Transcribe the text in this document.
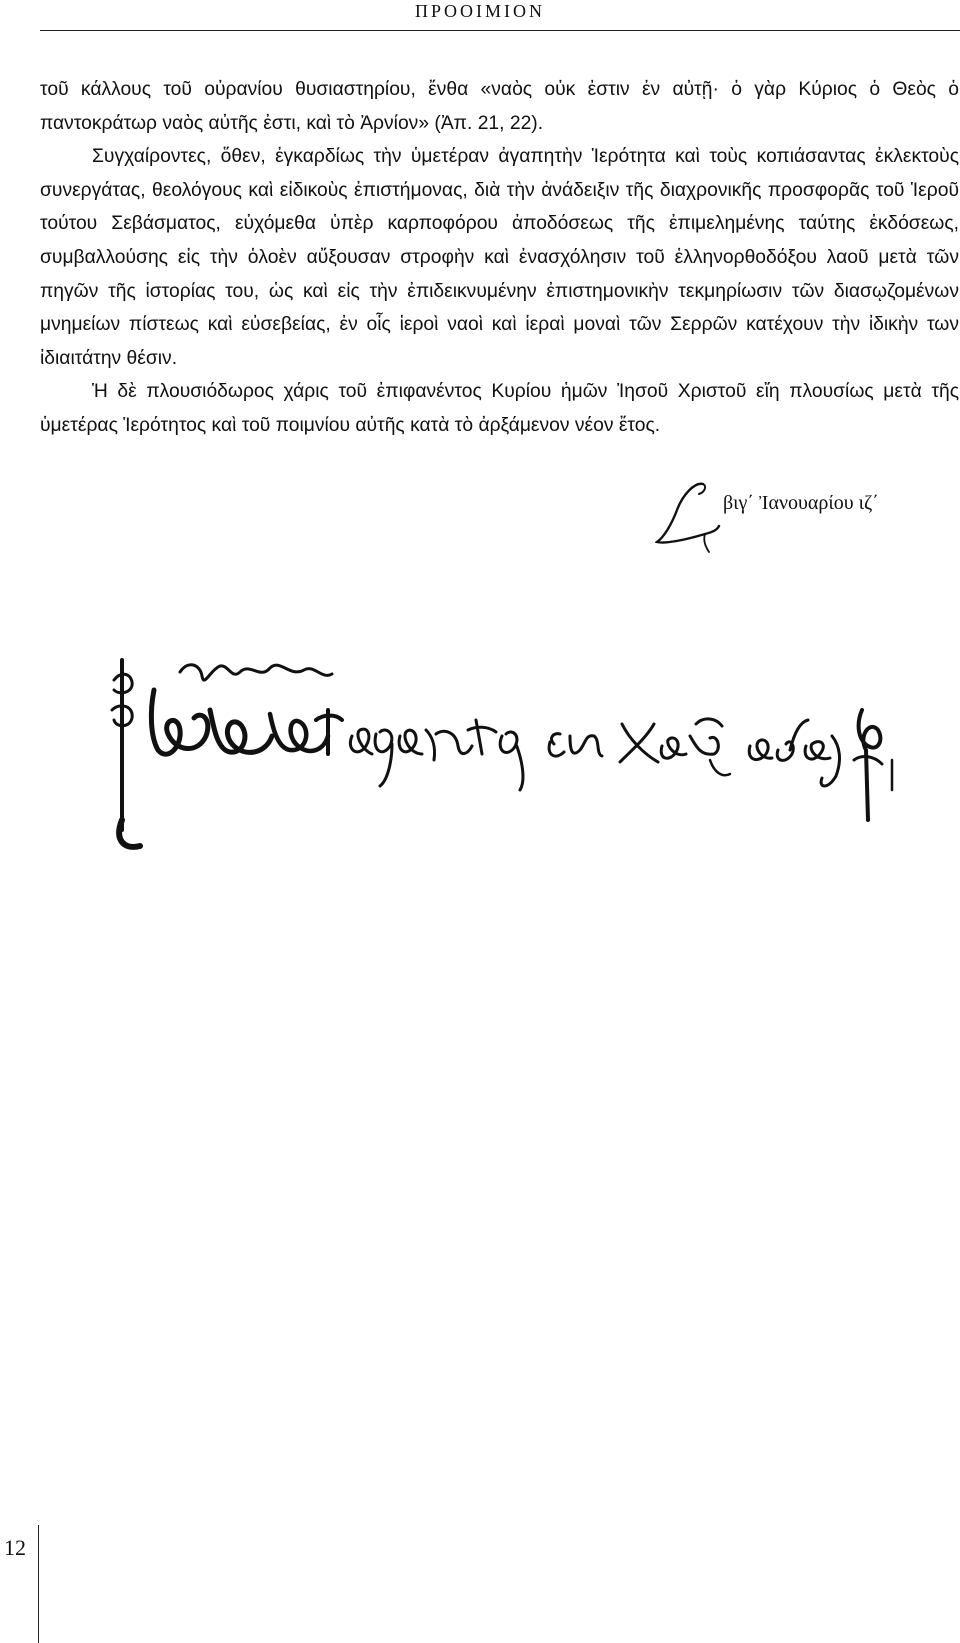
ΠΡΟΟΙΜΙΟΝ

τοῦ κάλλους τοῦ οὐρανίου θυσιαστηρίου, ἔνθα «ναὸς οὐκ ἐστιν ἐν αὐτῇ· ὁ γὰρ Κύριος ὁ Θεὸς ὁ παντοκράτωρ ναὸς αὐτῆς ἐστι, καὶ τὸ Ἀρνίον» (Ἀπ. 21, 22).

Συγχαίροντες, ὅθεν, ἐγκαρδίως τὴν ὑμετέραν ἀγαπητὴν Ἱερότητα καὶ τοὺς κοπιάσαντας ἐκλεκτοὺς συνεργάτας, θεολόγους καὶ εἰδικοὺς ἐπιστήμονας, διὰ τὴν ἀνάδειξιν τῆς διαχρονικῆς προσφορᾶς τοῦ Ἱεροῦ τούτου Σεβάσματος, εὐχόμεθα ὑπὲρ καρποφόρου ἀποδόσεως τῆς ἐπιμελημένης ταύτης ἐκδόσεως, συμβαλλούσης εἰς τὴν ὁλοὲν αὔξουσαν στροφὴν καὶ ἐνασχόλησιν τοῦ ἑλληνορθοδόξου λαοῦ μετὰ τῶν πηγῶν τῆς ἱστορίας του, ὡς καὶ εἰς τὴν ἐπιδεικνυμένην ἐπιστημονικὴν τεκμηρίωσιν τῶν διασῳζομένων μνημείων πίστεως καὶ εὐσεβείας, ἐν οἷς ἱεροὶ ναοὶ καὶ ἱεραὶ μοναὶ τῶν Σερρῶν κατέχουν τὴν ἰδικὴν των ἰδιαιτάτην θέσιν.

Ἡ δὲ πλουσιόδωρος χάρις τοῦ ἐπιφανέντος Κυρίου ἡμῶν Ἰησοῦ Χριστοῦ εἴη πλουσίως μετὰ τῆς ὑμετέρας Ἱερότητος καὶ τοῦ ποιμνίου αὐτῆς κατὰ τὸ ἀρξάμενον νέον ἔτος.

βιγ΄ Ἰανουαρίου ιζ΄
12
